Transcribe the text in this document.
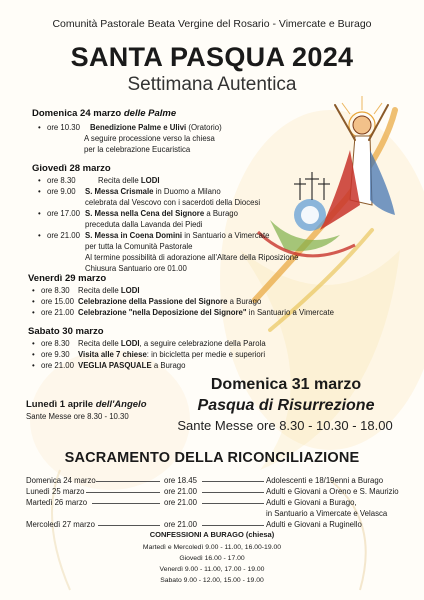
Comunità Pastorale Beata Vergine del Rosario - Vimercate e Burago
SANTA PASQUA 2024
Settimana Autentica
Domenica 24 marzo delle Palme
• ore 10.30 Benedizione Palme e Ulivi (Oratorio)
A seguire processione verso la chiesa
per la celebrazione Eucaristica
Giovedì 28 marzo
• ore 8.30	Recita delle LODI
• ore 9.00 S. Messa Crismale in Duomo a Milano
celebrata dal Vescovo con i sacerdoti della Diocesi
• ore 17.00 S. Messa nella Cena del Signore a Burago
preceduta dalla Lavanda dei Piedi
• ore 21.00 S. Messa in Coena Domini in Santuario a Vimercate
per tutta la Comunità Pastorale
Al termine possibilità di adorazione all'Altare della Riposizione
Chiusura Santuario ore 01.00
Venerdì 29 marzo
• ore 8.30 Recita delle LODI
• ore 15.00 Celebrazione della Passione del Signore a Burago
• ore 21.00 Celebrazione "nella Deposizione del Signore" in Santuario a Vimercate
Sabato 30 marzo
• ore 8.30 Recita delle LODI, a seguire celebrazione della Parola
• ore 9.30 Visita alle 7 chiese: in bicicletta per medie e superiori
• ore 21.00 VEGLIA PASQUALE a Burago
Domenica 31 marzo
Pasqua di Risurrezione
Sante Messe ore 8.30 - 10.30 - 18.00
Lunedì 1 aprile dell'Angelo
Sante Messe ore 8.30 - 10.30
SACRAMENTO DELLA RICONCILIAZIONE
Domenica 24 marzo	ore 18.45	Adolescenti e 18/19enni a Burago
Lunedì 25 marzo	ore 21.00	Adulti e Giovani a Oreno e S. Maurizio
Martedì 26 marzo	ore 21.00	Adulti e Giovani a Burago,
in Santuario a Vimercate e Velasca
Mercoledì 27 marzo	ore 21.00	Adulti e Giovani a Ruginello
CONFESSIONI A BURAGO (chiesa)
Martedì e Mercoledì 9.00 - 11.00, 16.00-19.00
Giovedì 16.00 - 17.00
Venerdì 9.00 - 11.00, 17.00 - 19.00
Sabato 9.00 - 12.00, 15.00 - 19.00
